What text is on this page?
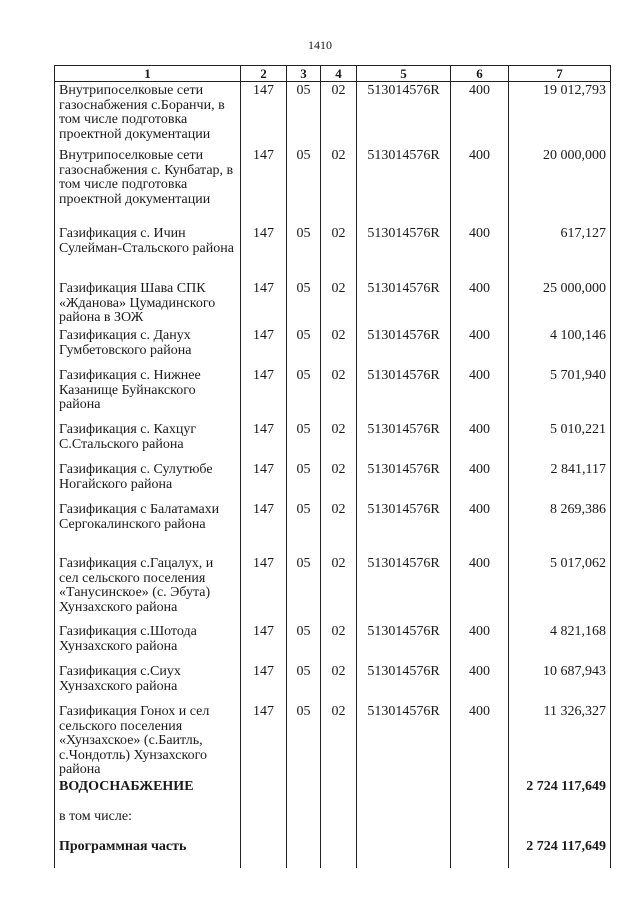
1410
1	2	3	4	5	6	7
Внутрипоселковые сети газоснабжения с.Боранчи, в том числе подготовка проектной документации	147	05	02	513014576R	400	19 012,793
Внутрипоселковые сети газоснабжения с. Кунбатар, в том числе подготовка проектной документации	147	05	02	513014576R	400	20 000,000
Газификация с. Ичин Сулейман-Стальского района	147	05	02	513014576R	400	617,127
Газификация Шава СПК «Жданова» Цумадинского района в ЗОЖ	147	05	02	513014576R	400	25 000,000
Газификация с. Данух Гумбетовского района	147	05	02	513014576R	400	4 100,146
Газификация с. Нижнее Казанище Буйнакского района	147	05	02	513014576R	400	5 701,940
Газификация с. Кахцуг С.Стальского района	147	05	02	513014576R	400	5 010,221
Газификация с. Сулутюбе Ногайского района	147	05	02	513014576R	400	2 841,117
Газификация с Балатамахи Сергокалинского района	147	05	02	513014576R	400	8 269,386
Газификация с.Гацалух, и сел сельского поселения «Танусинское» (с. Эбута) Хунзахского района	147	05	02	513014576R	400	5 017,062
Газификация с.Шотода Хунзахского района	147	05	02	513014576R	400	4 821,168
Газификация с.Сиух Хунзахского района	147	05	02	513014576R	400	10 687,943
Газификация Гонох и сел сельского поселения «Хунзахское» (с.Баитль, с.Чондотль) Хунзахского района	147	05	02	513014576R	400	11 326,327
ВОДОСНАБЖЕНИЕ						2 724 117,649
в том числе:						
Программная часть						2 724 117,649
